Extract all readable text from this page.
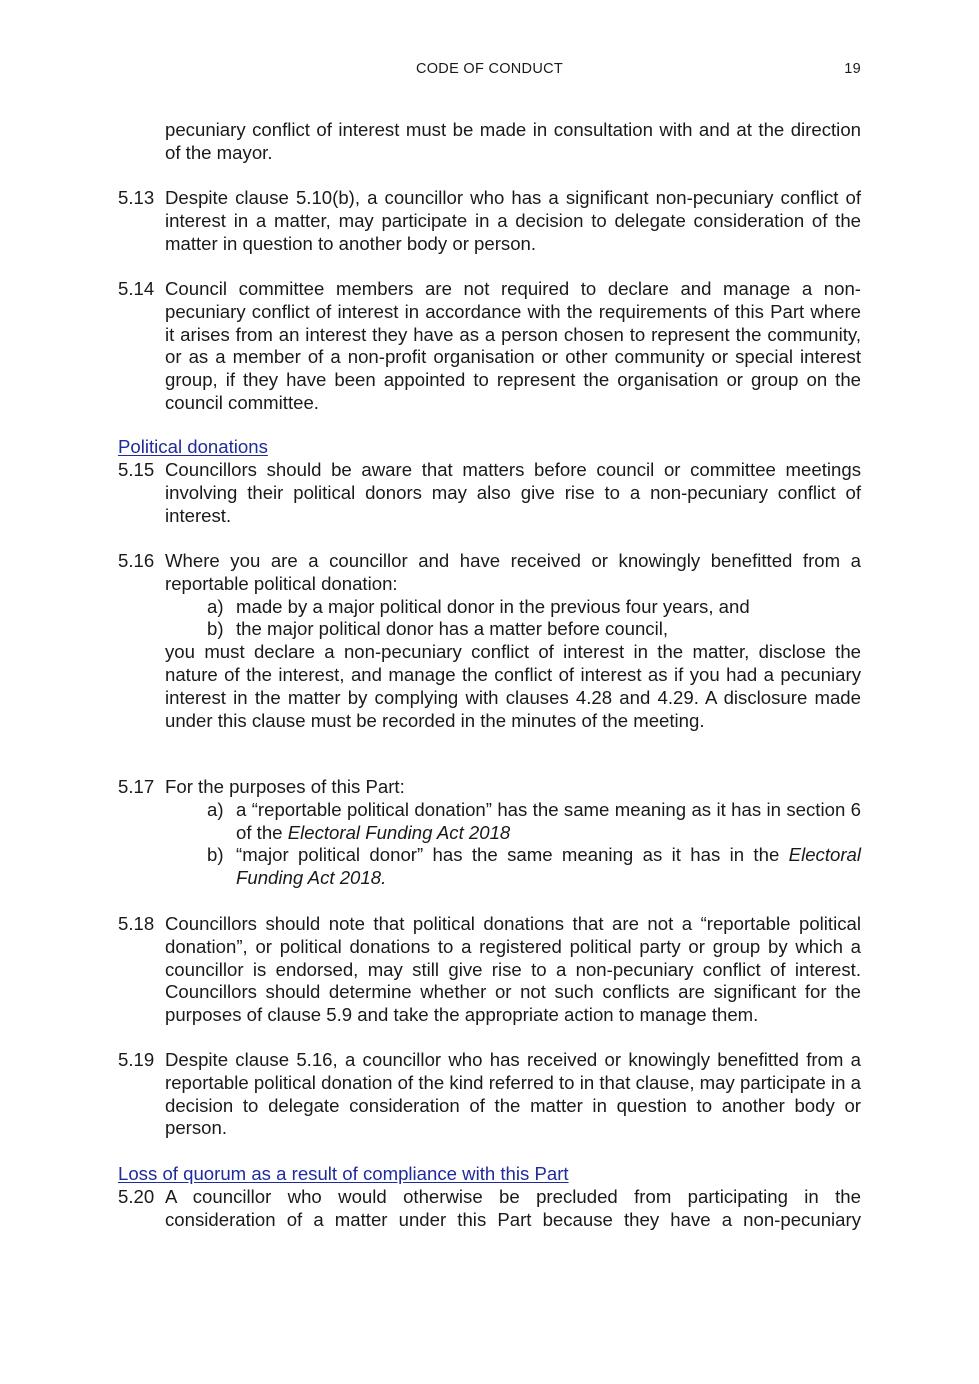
CODE OF CONDUCT	19
pecuniary conflict of interest must be made in consultation with and at the direction of the mayor.
5.13 Despite clause 5.10(b), a councillor who has a significant non-pecuniary conflict of interest in a matter, may participate in a decision to delegate consideration of the matter in question to another body or person.
5.14 Council committee members are not required to declare and manage a non-pecuniary conflict of interest in accordance with the requirements of this Part where it arises from an interest they have as a person chosen to represent the community, or as a member of a non-profit organisation or other community or special interest group, if they have been appointed to represent the organisation or group on the council committee.
Political donations
5.15 Councillors should be aware that matters before council or committee meetings involving their political donors may also give rise to a non-pecuniary conflict of interest.
5.16 Where you are a councillor and have received or knowingly benefitted from a reportable political donation:
a) made by a major political donor in the previous four years, and
b) the major political donor has a matter before council,
you must declare a non-pecuniary conflict of interest in the matter, disclose the nature of the interest, and manage the conflict of interest as if you had a pecuniary interest in the matter by complying with clauses 4.28 and 4.29. A disclosure made under this clause must be recorded in the minutes of the meeting.
5.17 For the purposes of this Part:
a) a “reportable political donation” has the same meaning as it has in section 6 of the Electoral Funding Act 2018
b) “major political donor” has the same meaning as it has in the Electoral Funding Act 2018.
5.18 Councillors should note that political donations that are not a “reportable political donation”, or political donations to a registered political party or group by which a councillor is endorsed, may still give rise to a non-pecuniary conflict of interest. Councillors should determine whether or not such conflicts are significant for the purposes of clause 5.9 and take the appropriate action to manage them.
5.19 Despite clause 5.16, a councillor who has received or knowingly benefitted from a reportable political donation of the kind referred to in that clause, may participate in a decision to delegate consideration of the matter in question to another body or person.
Loss of quorum as a result of compliance with this Part
5.20 A councillor who would otherwise be precluded from participating in the consideration of a matter under this Part because they have a non-pecuniary
